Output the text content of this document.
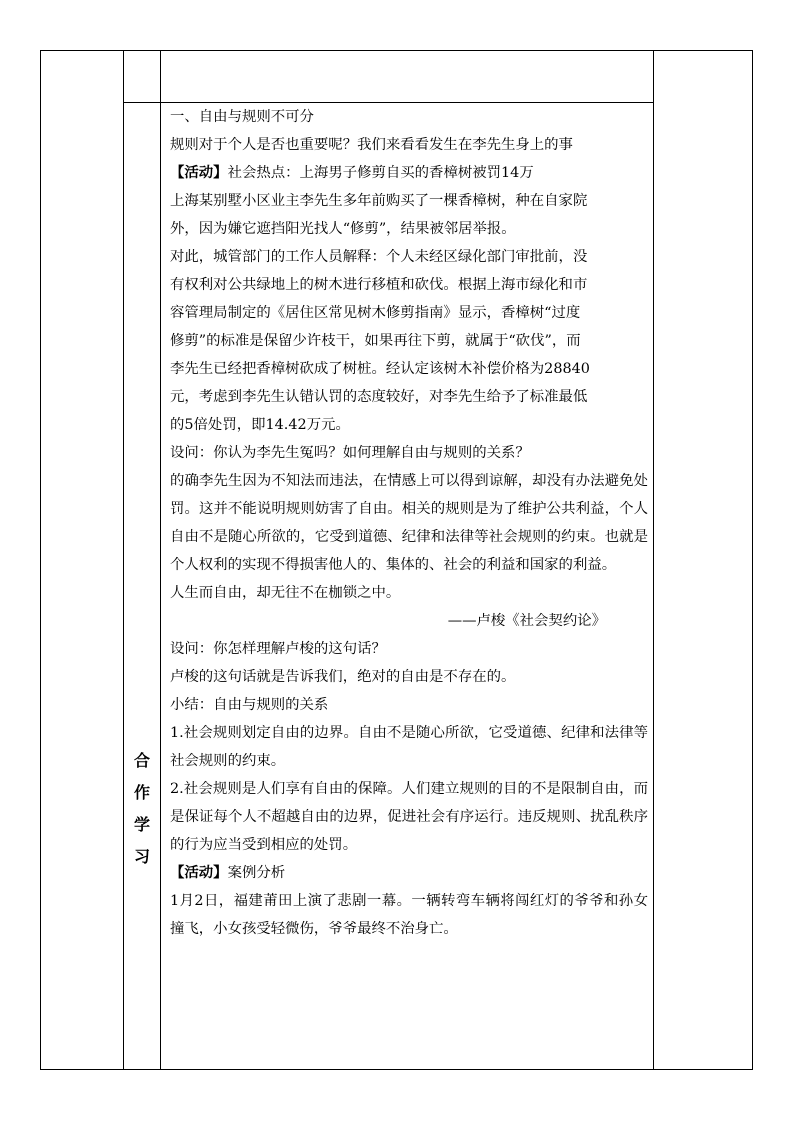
合
作
学
习

一、自由与规则不可分

规则对于个人是否也重要呢？我们来看看发生在李先生身上的事

【活动】社会热点：上海男子修剪自买的香樟树被罚14万

上海某别墅小区业主李先生多年前购买了一棵香樟树，种在自家院

外，因为嫌它遮挡阳光找人“修剪”，结果被邻居举报。

对此，城管部门的工作人员解释：个人未经区绿化部门审批前，没

有权利对公共绿地上的树木进行移植和砍伐。根据上海市绿化和市

容管理局制定的《居住区常见树木修剪指南》显示，香樟树“过度

修剪”的标准是保留少许枝干，如果再往下剪，就属于“砍伐”，而

李先生已经把香樟树砍成了树桩。经认定该树木补偿价格为28840

元，考虑到李先生认错认罚的态度较好，对李先生给予了标准最低

的5倍处罚，即14.42万元。

设问：你认为李先生冤吗？如何理解自由与规则的关系？

的确李先生因为不知法而违法，在情感上可以得到谅解，却没有办法避免处罚。这并不能说明规则妨害了自由。相关的规则是为了维护公共利益，个人自由不是随心所欲的，它受到道德、纪律和法律等社会规则的约束。也就是个人权利的实现不得损害他人的、集体的、社会的利益和国家的利益。

人生而自由，却无往不在枷锁之中。

——卢梭《社会契约论》

设问：你怎样理解卢梭的这句话？

卢梭的这句话就是告诉我们，绝对的自由是不存在的。

小结：自由与规则的关系

1.社会规则划定自由的边界。自由不是随心所欲，它受道德、纪律和法律等社会规则的约束。

2.社会规则是人们享有自由的保障。人们建立规则的目的不是限制自由，而是保证每个人不超越自由的边界，促进社会有序运行。违反规则、扰乱秩序的行为应当受到相应的处罚。

【活动】案例分析

1月2日，福建莆田上演了悲剧一幕。一辆转弯车辆将闯红灯的爷爷和孙女撞飞，小女孩受轻微伤，爷爷最终不治身亡。
